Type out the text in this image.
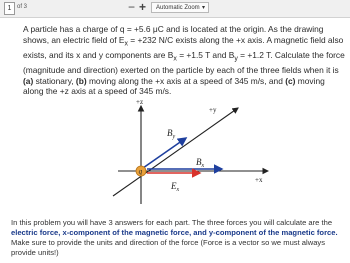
1 of 3	− +	Automatic Zoom ▾
A particle has a charge of q = +5.6 μC and is located at the origin. As the drawing shows, an electric field of $E_x = +232$ N/C exists along the +x axis. A magnetic field also exists, and its x and y components are $B_x = +1.5$ T and $B_y = +1.2$ T. Calculate the force (magnitude and direction) exerted on the particle by each of the three fields when it is (a) stationary, (b) moving along the +x axis at a speed of 345 m/s, and (c) moving along the +z axis at a speed of 345 m/s.
q
+z
+y
+x
$B_y$
$B_x$
$E_x$
In this problem you will have 3 answers for each part. The three forces you will calculate are the electric force, x-component of the magnetic force, and y-component of the magnetic force. Make sure to provide the units and direction of the force (Force is a vector so we must always provide units!)
